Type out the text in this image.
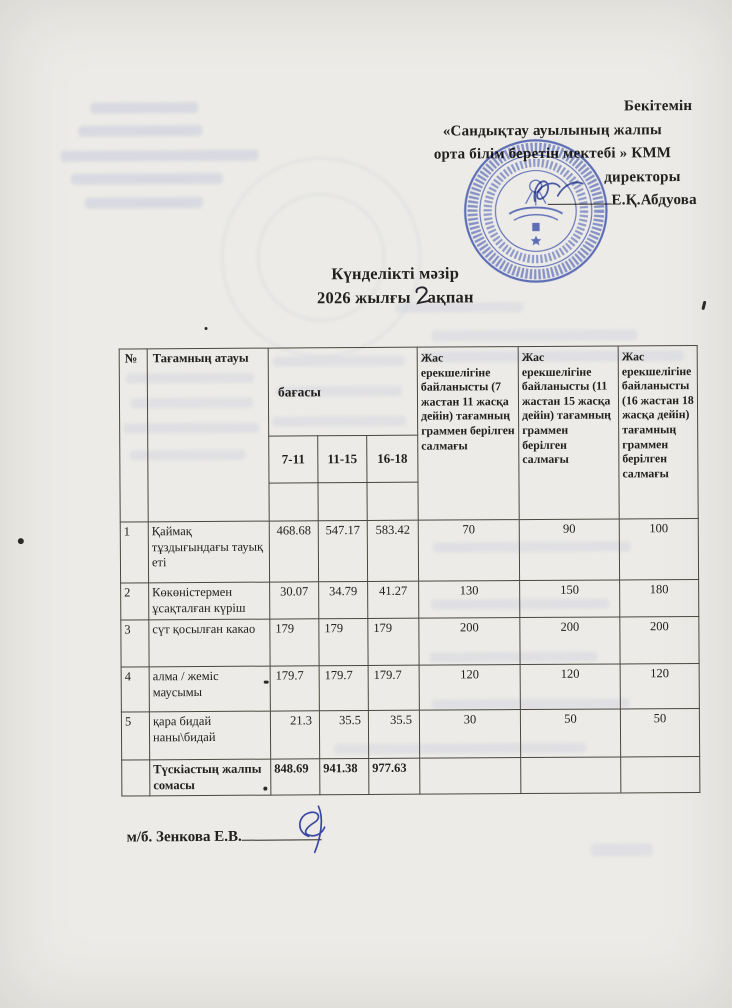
Бекітемін
«Сандықтау ауылының жалпы
орта білім беретін мектебі » КММ
директоры
Е.Қ.Абдуова
Күнделікті мәзір
2026 жылғы ақпан
№	Тағамның атауы	бағасы			Жас ерекшелігіне байланысты (7 жастан 11 жасқа дейін) тағамның граммен берілген салмағы	Жас ерекшелігіне байланысты (11 жастан 15 жасқа дейін) тағамның граммен берілген салмағы	Жас ерекшелігіне байланысты (16 жастан 18 жасқа дейін) тағамның граммен берілген салмағы
		7-11	11-15	16-18			

1	Қаймақ тұздығындағы тауық еті	468.68	547.17	583.42	70	90	100
2	Көкөністермен ұсақталған күріш	30.07	34.79	41.27	130	150	180
3	сүт қосылған какао	179	179	179	200	200	200
4	алма / жеміс маусымы	179.7	179.7	179.7	120	120	120
5	қара бидай наны\бидай	21.3	35.5	35.5	30	50	50
	Түскіастың жалпы сомасы	848.69	941.38	977.63			
м/б. Зенкова Е.В.
